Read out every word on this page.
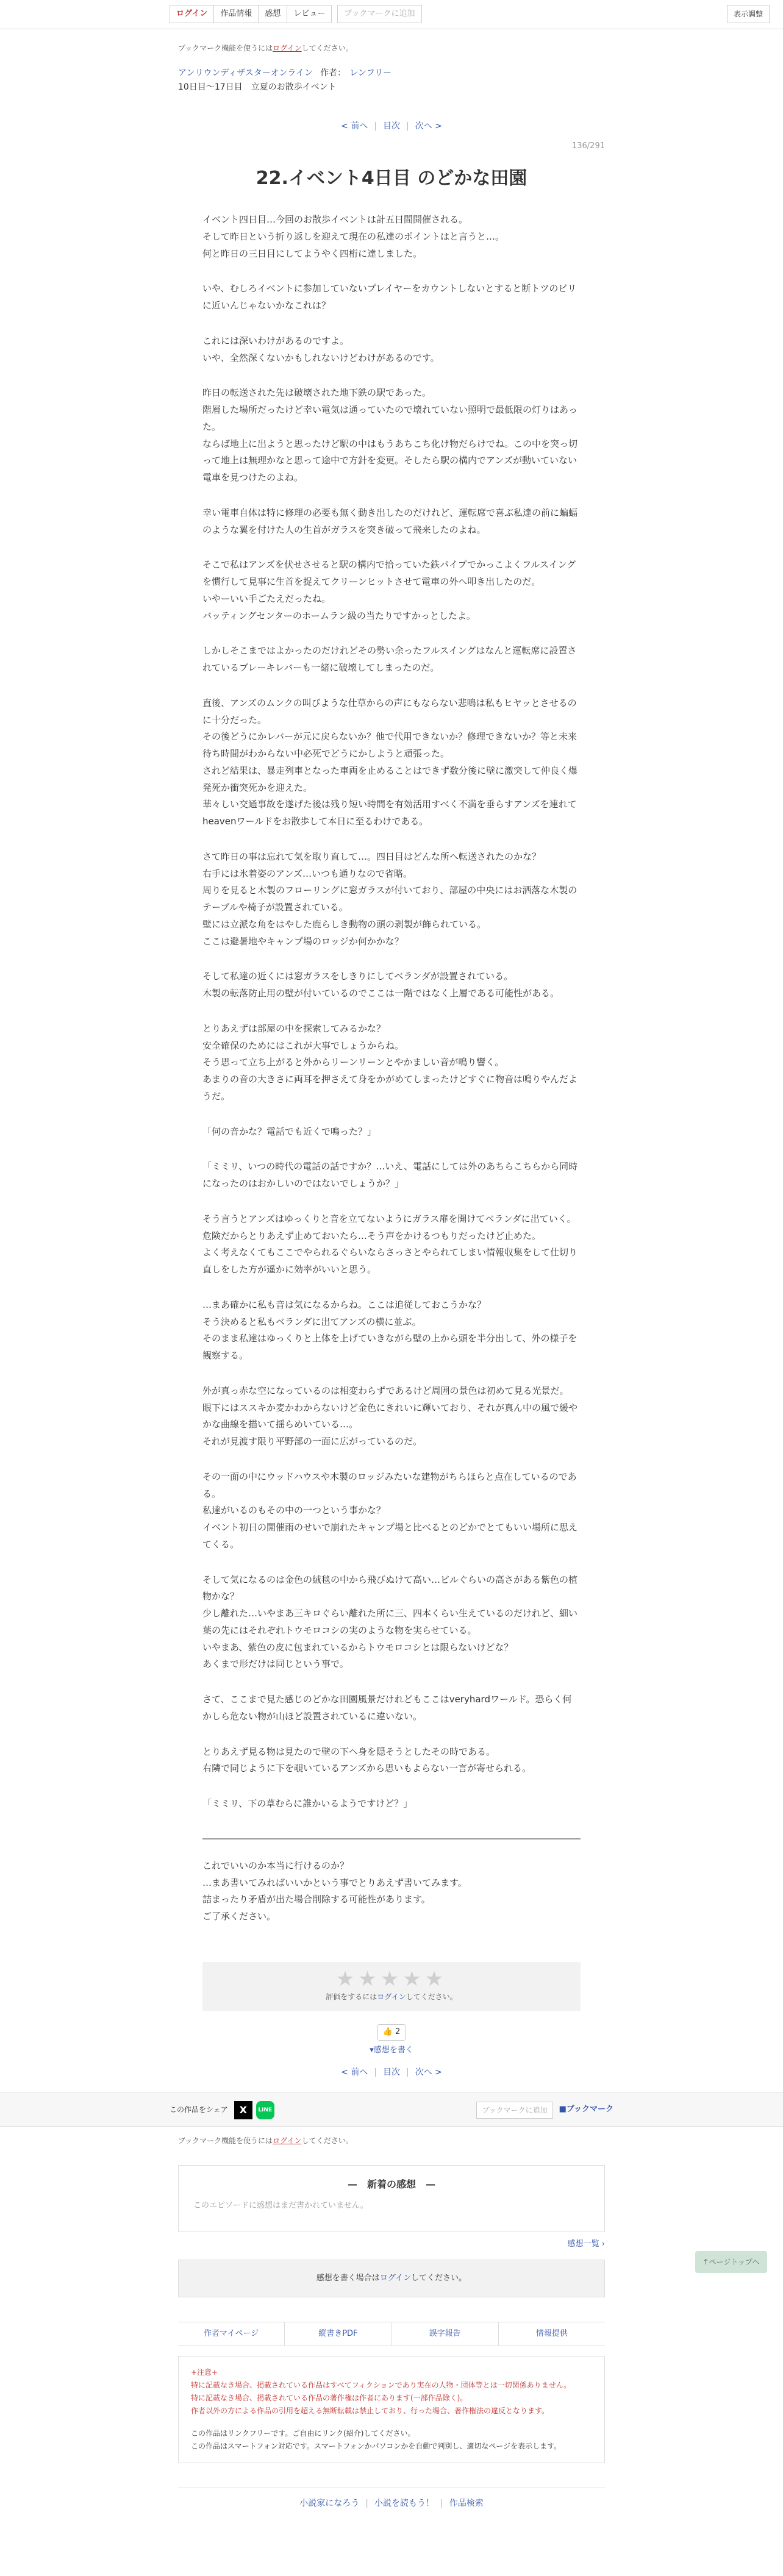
ログイン	作品情報	感想	レビュー	ブックマークに追加	表示調整
ブックマーク機能を使うにはログインしてください。
アンリウンディザスターオンライン 作者： レンフリー
10日目〜17日目　立夏のお散歩イベント
< 前へ | 目次 | 次へ >
136/291
22.イベント4日目 のどかな田園

イベント四日目…今回のお散歩イベントは計五日間開催される。

そして昨日という折り返しを迎えて現在の私達のポイントはと言うと…。

何と昨日の三日目にしてようやく四桁に達しました。

いや、むしろイベントに参加していないプレイヤーをカウントしないとすると断トツのビリに近いんじゃないかなこれは？

これには深いわけがあるのですよ。

いや、全然深くないかもしれないけどわけがあるのです。

昨日の転送された先は破壊された地下鉄の駅であった。

階層した場所だったけど幸い電気は通っていたので壊れていない照明で最低限の灯りはあった。

ならば地上に出ようと思ったけど駅の中はもうあちこち化け物だらけでね。この中を突っ切って地上は無理かなと思って途中で方針を変更。そしたら駅の構内でアンズが動いていない電車を見つけたのよね。

幸い電車自体は特に修理の必要も無く動き出したのだけれど、運転席で喜ぶ私達の前に蝙蝠のような翼を付けた人の生首がガラスを突き破って飛来したのよね。

そこで私はアンズを伏せさせると駅の構内で拾っていた鉄パイプでかっこよくフルスイングを慣行して見事に生首を捉えてクリーンヒットさせて電車の外へ叩き出したのだ。

いやーいい手ごたえだったね。

バッティングセンターのホームラン級の当たりですかっとしたよ。

しかしそこまではよかったのだけれどその勢い余ったフルスイングはなんと運転席に設置されているブレーキレバーも一緒に破壊してしまったのだ。

直後、アンズのムンクの叫びような仕草からの声にもならない悲鳴は私もヒヤッとさせるのに十分だった。

その後どうにかレバーが元に戻らないか？他で代用できないか？修理できないか？等と未来待ち時間がわからない中必死でどうにかしようと頑張った。

されど結果は、暴走列車となった車両を止めることはできず数分後に壁に激突して仲良く爆発死か衝突死かを迎えた。

華々しい交通事故を遂げた後は残り短い時間を有効活用すべく不満を垂らすアンズを連れてheavenワールドをお散歩して本日に至るわけである。

さて昨日の事は忘れて気を取り直して…。四日目はどんな所へ転送されたのかな？

右手には氷着姿のアンズ…いつも通りなので省略。

周りを見ると木製のフローリングに窓ガラスが付いており、部屋の中央にはお洒落な木製のテーブルや椅子が設置されている。

壁には立派な角をはやした鹿らしき動物の頭の剥製が飾られている。

ここは避暑地やキャンプ場のロッジか何かかな？

そして私達の近くには窓ガラスをしきりにしてベランダが設置されている。

木製の転落防止用の壁が付いているのでここは一階ではなく上層である可能性がある。

とりあえずは部屋の中を探索してみるかな？

安全確保のためにはこれが大事でしょうからね。

そう思って立ち上がると外からリーンリーンとやかましい音が鳴り響く。

あまりの音の大きさに両耳を押さえて身をかがめてしまったけどすぐに物音は鳴りやんだようだ。

「何の音かな？電話でも近くで鳴った？」

「ミミリ、いつの時代の電話の話ですか？…いえ、電話にしては外のあちらこちらから同時になったのはおかしいのではないでしょうか？」

そう言うとアンズはゆっくりと音を立てないようにガラス扉を開けてベランダに出ていく。

危険だからとりあえず止めておいたら…そう声をかけるつもりだったけど止めた。

よく考えなくてもここでやられるぐらいならさっさとやられてしまい情報収集をして仕切り直しをした方が遥かに効率がいいと思う。

…まあ確かに私も音は気になるからね。ここは追従しておこうかな？

そう決めると私もベランダに出てアンズの横に並ぶ。

そのまま私達はゆっくりと上体を上げていきながら壁の上から頭を半分出して、外の様子を観察する。

外が真っ赤な空になっているのは相変わらずであるけど周囲の景色は初めて見る光景だ。

眼下にはススキか麦かわからないけど金色にきれいに輝いており、それが真ん中の風で緩やかな曲線を描いて揺らめいている…。

それが見渡す限り平野部の一面に広がっているのだ。

その一面の中にウッドハウスや木製のロッジみたいな建物がちらほらと点在しているのである。

私達がいるのもその中の一つという事かな？

イベント初日の開催雨のせいで崩れたキャンプ場と比べるとのどかでとてもいい場所に思えてくる。

そして気になるのは金色の絨毯の中から飛びぬけて高い…ビルぐらいの高さがある紫色の植物かな？

少し離れた…いやまあ三キロぐらい離れた所に三、四本くらい生えているのだけれど、細い葉の先にはそれぞれトウモロコシの実のような物を実らせている。

いやまあ、紫色の皮に包まれているからトウモロコシとは限らないけどな？

あくまで形だけは同じという事で。

さて、ここまで見た感じのどかな田園風景だけれどもここはveryhardワールド。恐らく何かしら危ない物が山ほど設置されているに違いない。

とりあえず見る物は見たので壁の下へ身を隠そうとしたその時である。

右隣で同じように下を覗いているアンズから思いもよらない一言が寄せられる。

「ミミリ、下の草むらに誰かいるようですけど？」

これでいいのか本当に行けるのか？

…まあ書いてみればいいかという事でとりあえず書いてみます。

詰まったり矛盾が出た場合削除する可能性があります。

ご了承ください。

★★★★★
評価をするにはログインしてください。
👍 2
▾感想を書く
< 前へ | 目次 | 次へ >
この作品をシェア	X	LINE	ブックマークに追加	■ブックマーク
ブックマーク機能を使うにはログインしてください。
—　新着の感想　—
このエピソードに感想はまだ書かれていません。
感想一覧 ›
感想を書く場合はログインしてください。
作者マイページ	縦書きPDF	誤字報告	情報提供
+注意+
特に記載なき場合、掲載されている作品はすべてフィクションであり実在の人物・団体等とは一切関係ありません。
特に記載なき場合、掲載されている作品の著作権は作者にあります(一部作品除く)。
作者以外の方による作品の引用を超える無断転載は禁止しており、行った場合、著作権法の違反となります。
この作品はリンクフリーです。ご自由にリンク(紹介)してください。
この作品はスマートフォン対応です。スマートフォンかパソコンかを自動で判別し、適切なページを表示します。
小説家になろう | 小説を読もう！ | 作品検索
↑ページトップへ
